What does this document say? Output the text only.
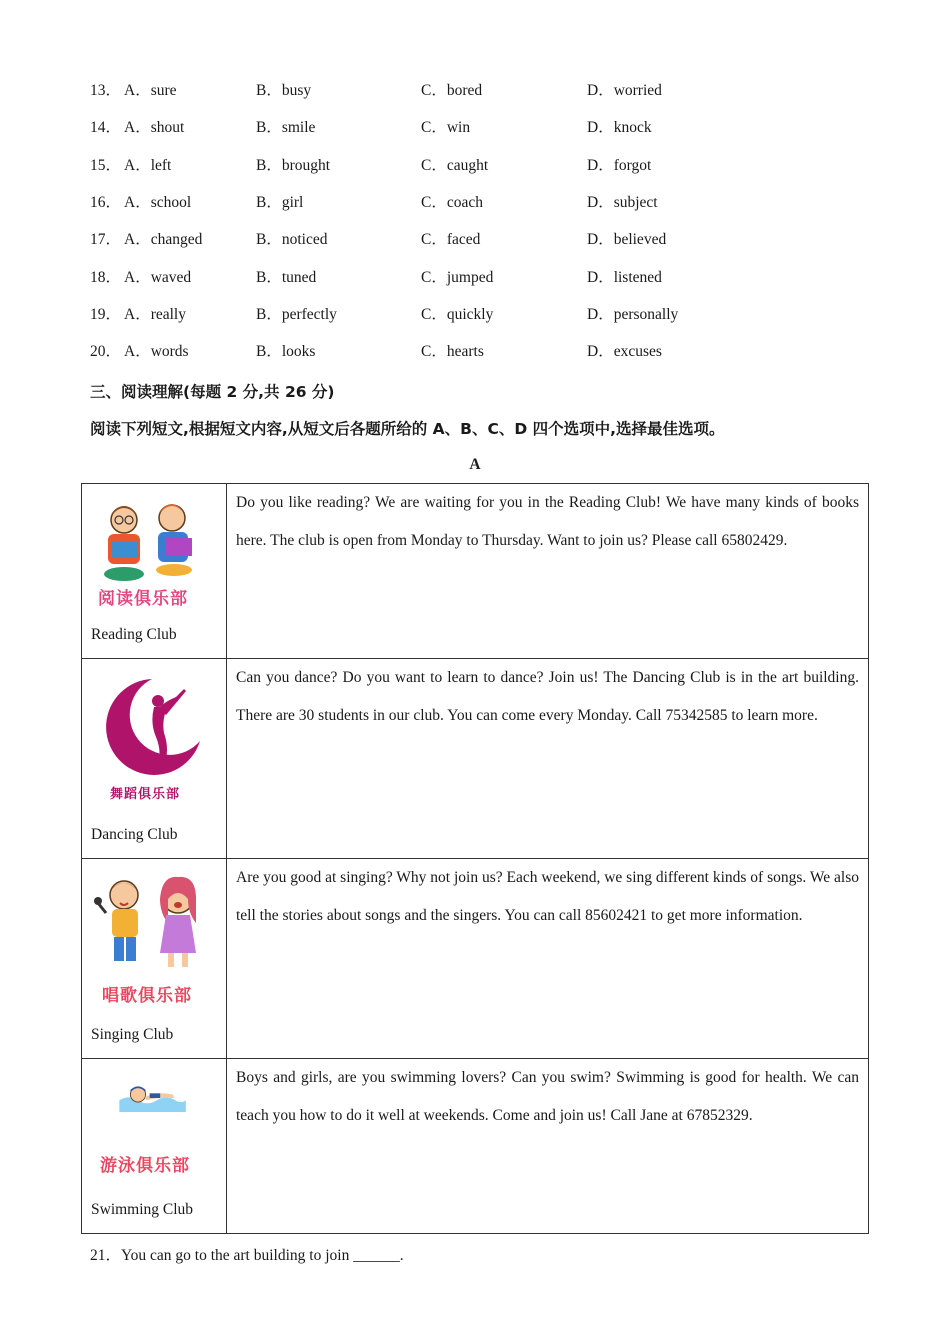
13． A．sure	B．busy	C．bored	D．worried
14． A．shout	B．smile	C．win	D．knock
15． A．left	B．brought	C．caught	D．forgot
16． A．school	B．girl	C．coach	D．subject
17． A．changed	B．noticed	C．faced	D．believed
18． A．waved	B．tuned	C．jumped	D．listened
19． A．really	B．perfectly	C．quickly	D．personally
20． A．words	B．looks	C．hearts	D．excuses
三、阅读理解(每题 2 分,共 26 分)
阅读下列短文,根据短文内容,从短文后各题所给的 A、B、C、D 四个选项中,选择最佳选项。
A
阅读俱乐部
Reading Club	Do you like reading? We are waiting for you in the Reading Club! We have many kinds of books here. The club is open from Monday to Thursday. Want to join us? Please call 65802429.

舞蹈俱乐部
Dancing Club	Can you dance? Do you want to learn to dance? Join us! The Dancing Club is in the art building. There are 30 students in our club. You can come every Monday. Call 75342585 to learn more.

唱歌俱乐部
Singing Club	Are you good at singing? Why not join us? Each weekend, we sing different kinds of songs. We also tell the stories about songs and the singers. You can call 85602421 to get more information.

游泳俱乐部
Swimming Club	Boys and girls, are you swimming lovers? Can you swim? Swimming is good for health. We can teach you how to do it well at weekends. Come and join us! Call Jane at 67852329.
21．You can go to the art building to join ______.
